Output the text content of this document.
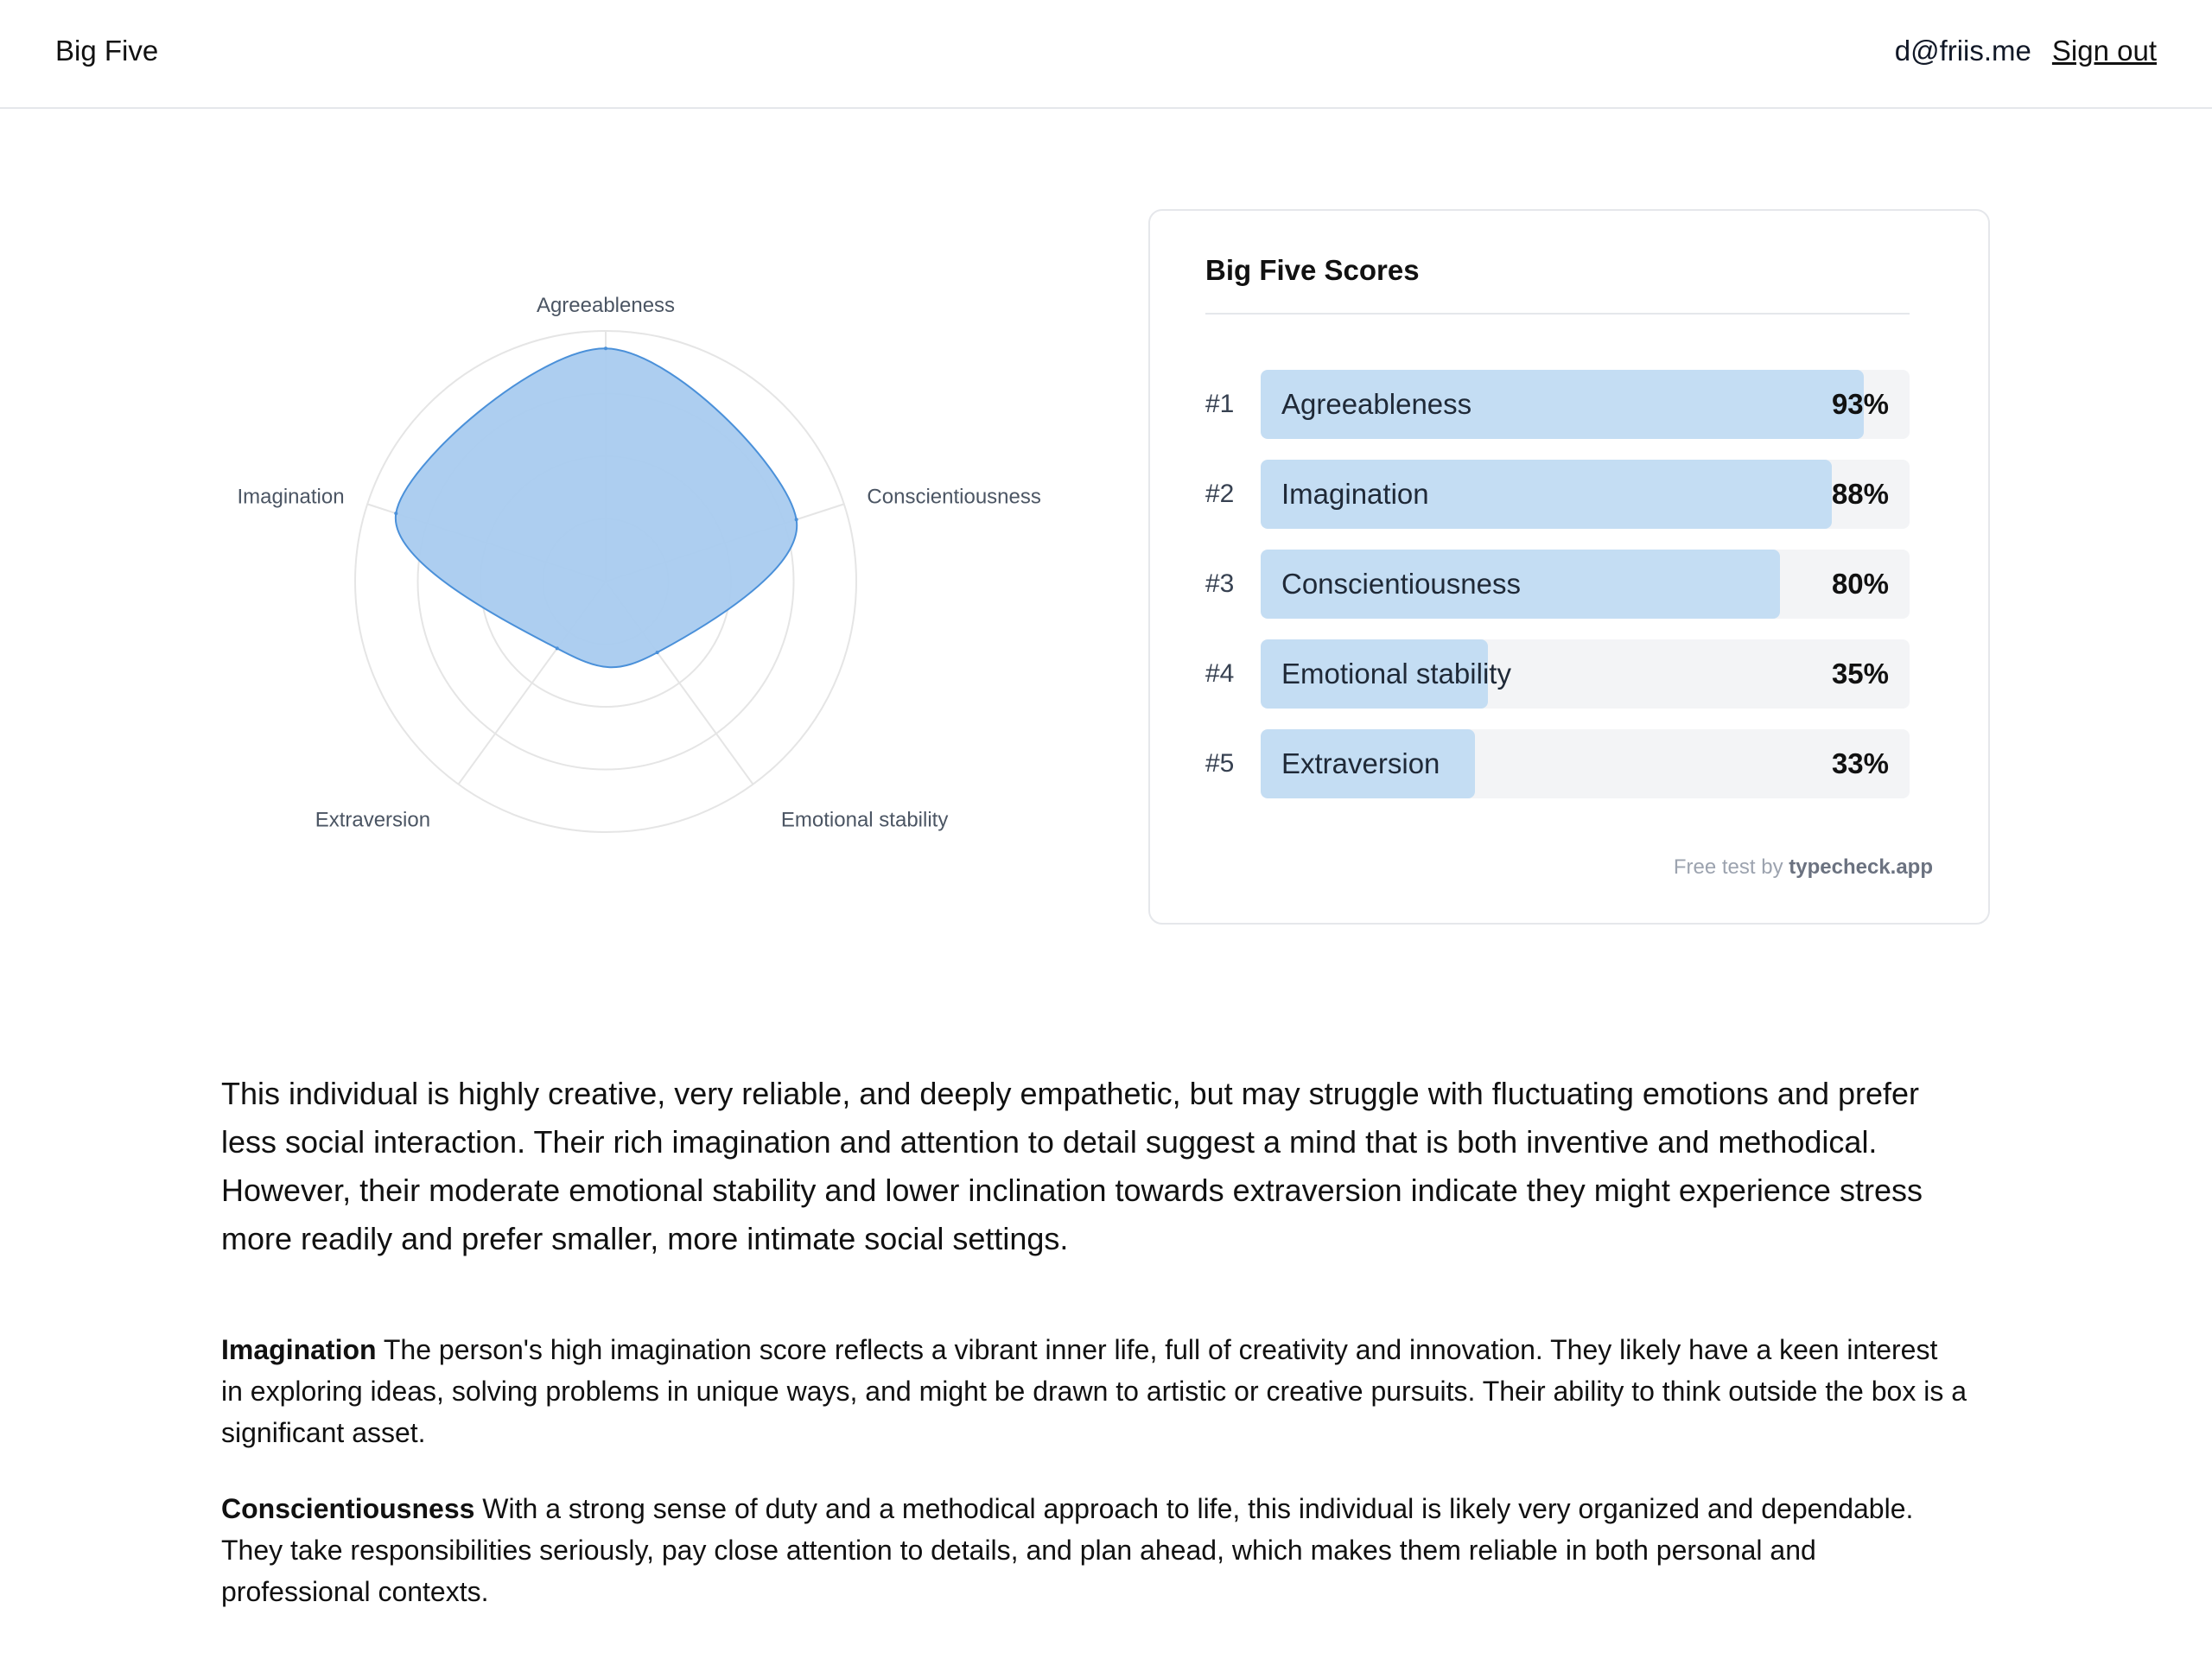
Big Five	d@friis.me Sign out
Agreeableness
Conscientiousness
Emotional stability
Extraversion
Imagination
Big Five Scores
#1 Agreeableness	93%
#2 Imagination	88%
#3 Conscientiousness	80%
#4 Emotional stability	35%
#5 Extraversion	33%
Free test by typecheck.app

This individual is highly creative, very reliable, and deeply empathetic, but may struggle with fluctuating emotions and prefer less social interaction. Their rich imagination and attention to detail suggest a mind that is both inventive and methodical. However, their moderate emotional stability and lower inclination towards extraversion indicate they might experience stress more readily and prefer smaller, more intimate social settings.

Imagination The person's high imagination score reflects a vibrant inner life, full of creativity and innovation. They likely have a keen interest in exploring ideas, solving problems in unique ways, and might be drawn to artistic or creative pursuits. Their ability to think outside the box is a significant asset.

Conscientiousness With a strong sense of duty and a methodical approach to life, this individual is likely very organized and dependable. They take responsibilities seriously, pay close attention to details, and plan ahead, which makes them reliable in both personal and professional contexts.
